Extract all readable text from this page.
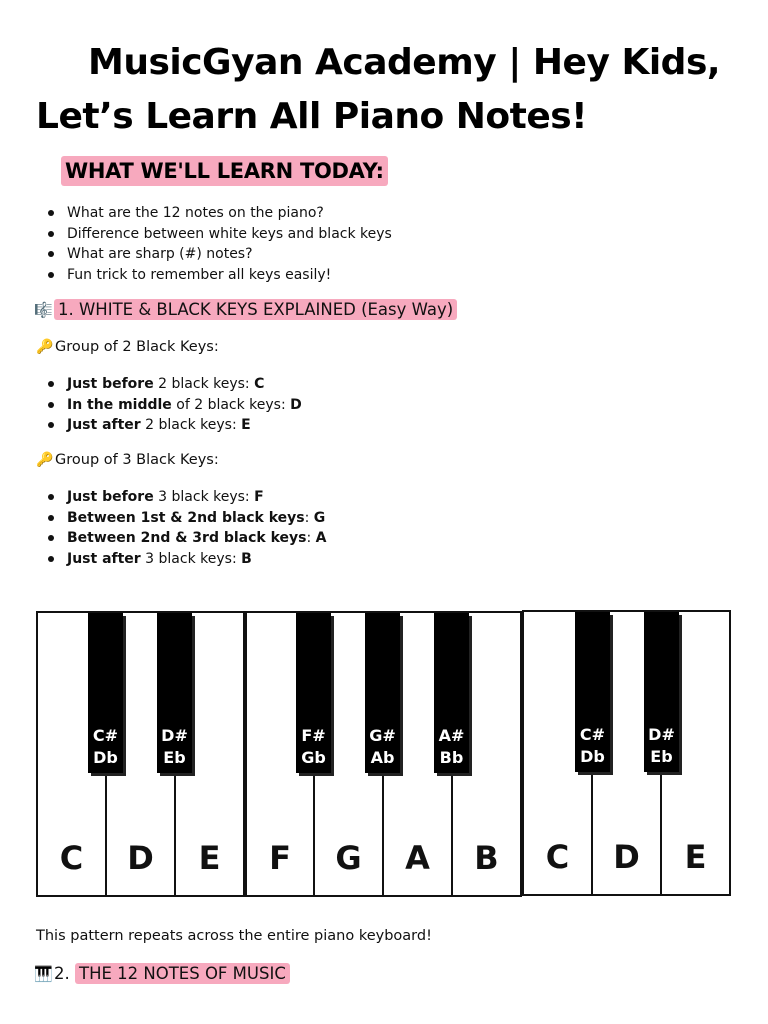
MusicGyan Academy | Hey Kids,
Let’s Learn All Piano Notes!
WHAT WE'LL LEARN TODAY:
What are the 12 notes on the piano?
Difference between white keys and black keys
What are sharp (#) notes?
Fun trick to remember all keys easily!
🎼 1. WHITE & BLACK KEYS EXPLAINED (Easy Way)
🔑 Group of 2 Black Keys:
Just before 2 black keys: C
In the middle of 2 black keys: D
Just after 2 black keys: E
🔑 Group of 3 Black Keys:
Just before 3 black keys: F
Between 1st & 2nd black keys: G
Between 2nd & 3rd black keys: A
Just after 3 black keys: B
C	D	E	F	G	A	B	C	D	E
C#
Db
D#
Eb
F#
Gb
G#
Ab
A#
Bb
C#
Db
D#
Eb
This pattern repeats across the entire piano keyboard!
🎹2. THE 12 NOTES OF MUSIC
